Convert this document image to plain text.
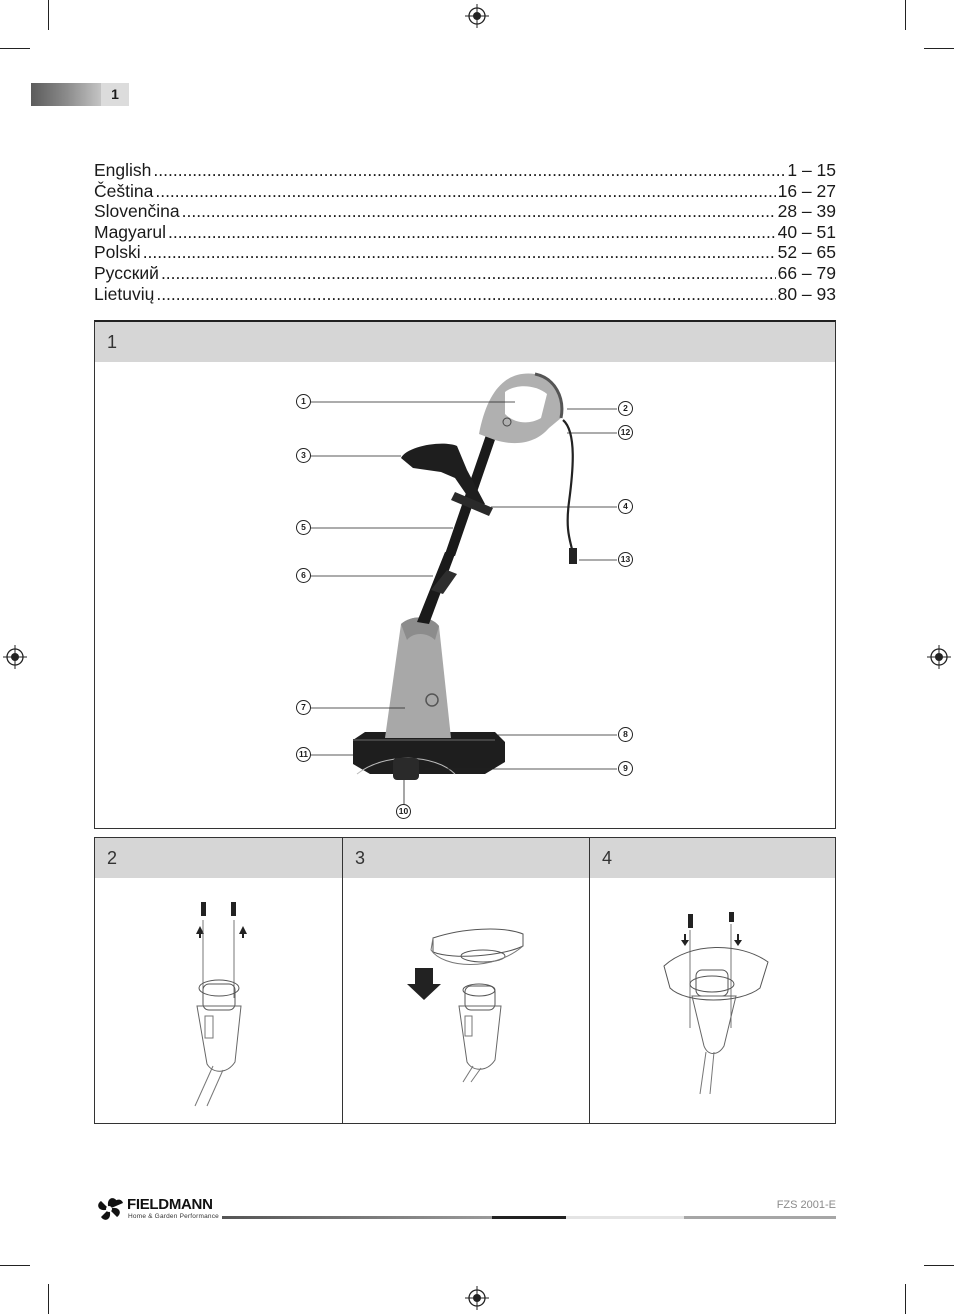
1
English .....	1 – 15
Čeština .....	16 – 27
Slovenčina .....	28 – 39
Magyarul .....	40 – 51
Polski .....	52 – 65
Русский .....	66 – 79
Lietuvių .....	80 – 93
1
1
2
12
3
4
5
13
6
7
8
11
9
10
2	3	4
FIELDMANN
Home & Garden Performance
FZS 2001-E
